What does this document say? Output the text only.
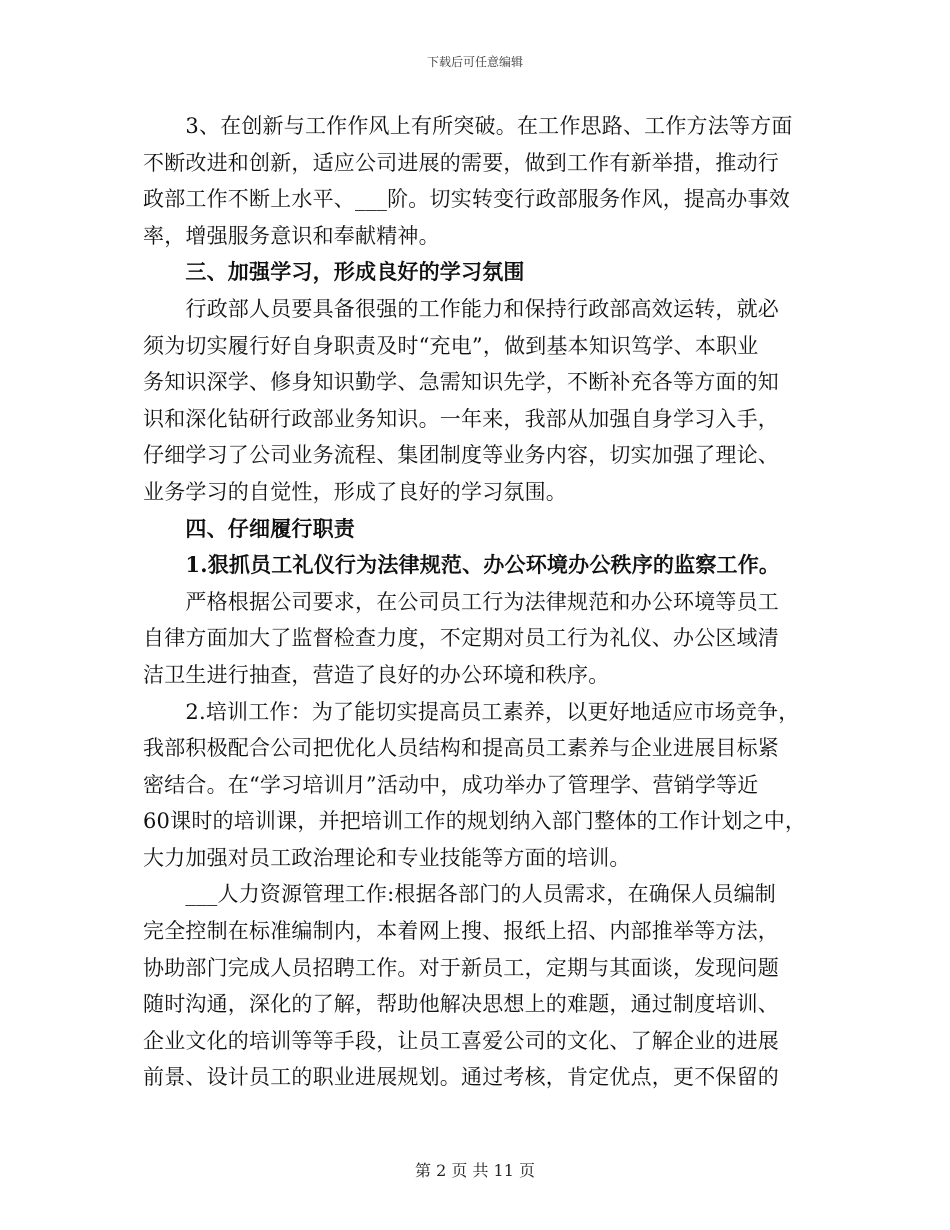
下载后可任意编辑
　　3、在创新与工作作风上有所突破。在工作思路、工作方法等方面
不断改进和创新，适应公司进展的需要，做到工作有新举措，推动行
政部工作不断上水平、___阶。切实转变行政部服务作风，提高办事效
率，增强服务意识和奉献精神。
　　三、加强学习，形成良好的学习氛围
　　行政部人员要具备很强的工作能力和保持行政部高效运转，就必
须为切实履行好自身职责及时“充电”，做到基本知识笃学、本职业
务知识深学、修身知识勤学、急需知识先学，不断补充各等方面的知
识和深化钻研行政部业务知识。一年来，我部从加强自身学习入手，
仔细学习了公司业务流程、集团制度等业务内容，切实加强了理论、
业务学习的自觉性，形成了良好的学习氛围。
　　四、仔细履行职责
　　1.狠抓员工礼仪行为法律规范、办公环境办公秩序的监察工作。
　　严格根据公司要求，在公司员工行为法律规范和办公环境等员工
自律方面加大了监督检查力度，不定期对员工行为礼仪、办公区域清
洁卫生进行抽查，营造了良好的办公环境和秩序。
　　2.培训工作：为了能切实提高员工素养，以更好地适应市场竞争，
我部积极配合公司把优化人员结构和提高员工素养与企业进展目标紧
密结合。在“学习培训月”活动中，成功举办了管理学、营销学等近
60课时的培训课，并把培训工作的规划纳入部门整体的工作计划之中，
大力加强对员工政治理论和专业技能等方面的培训。
　　___人力资源管理工作:根据各部门的人员需求，在确保人员编制
完全控制在标准编制内，本着网上搜、报纸上招、内部推举等方法，
协助部门完成人员招聘工作。对于新员工，定期与其面谈，发现问题
随时沟通，深化的了解，帮助他解决思想上的难题，通过制度培训、
企业文化的培训等等手段，让员工喜爱公司的文化、了解企业的进展
前景、设计员工的职业进展规划。通过考核，肯定优点，更不保留的
第 2 页 共 11 页
